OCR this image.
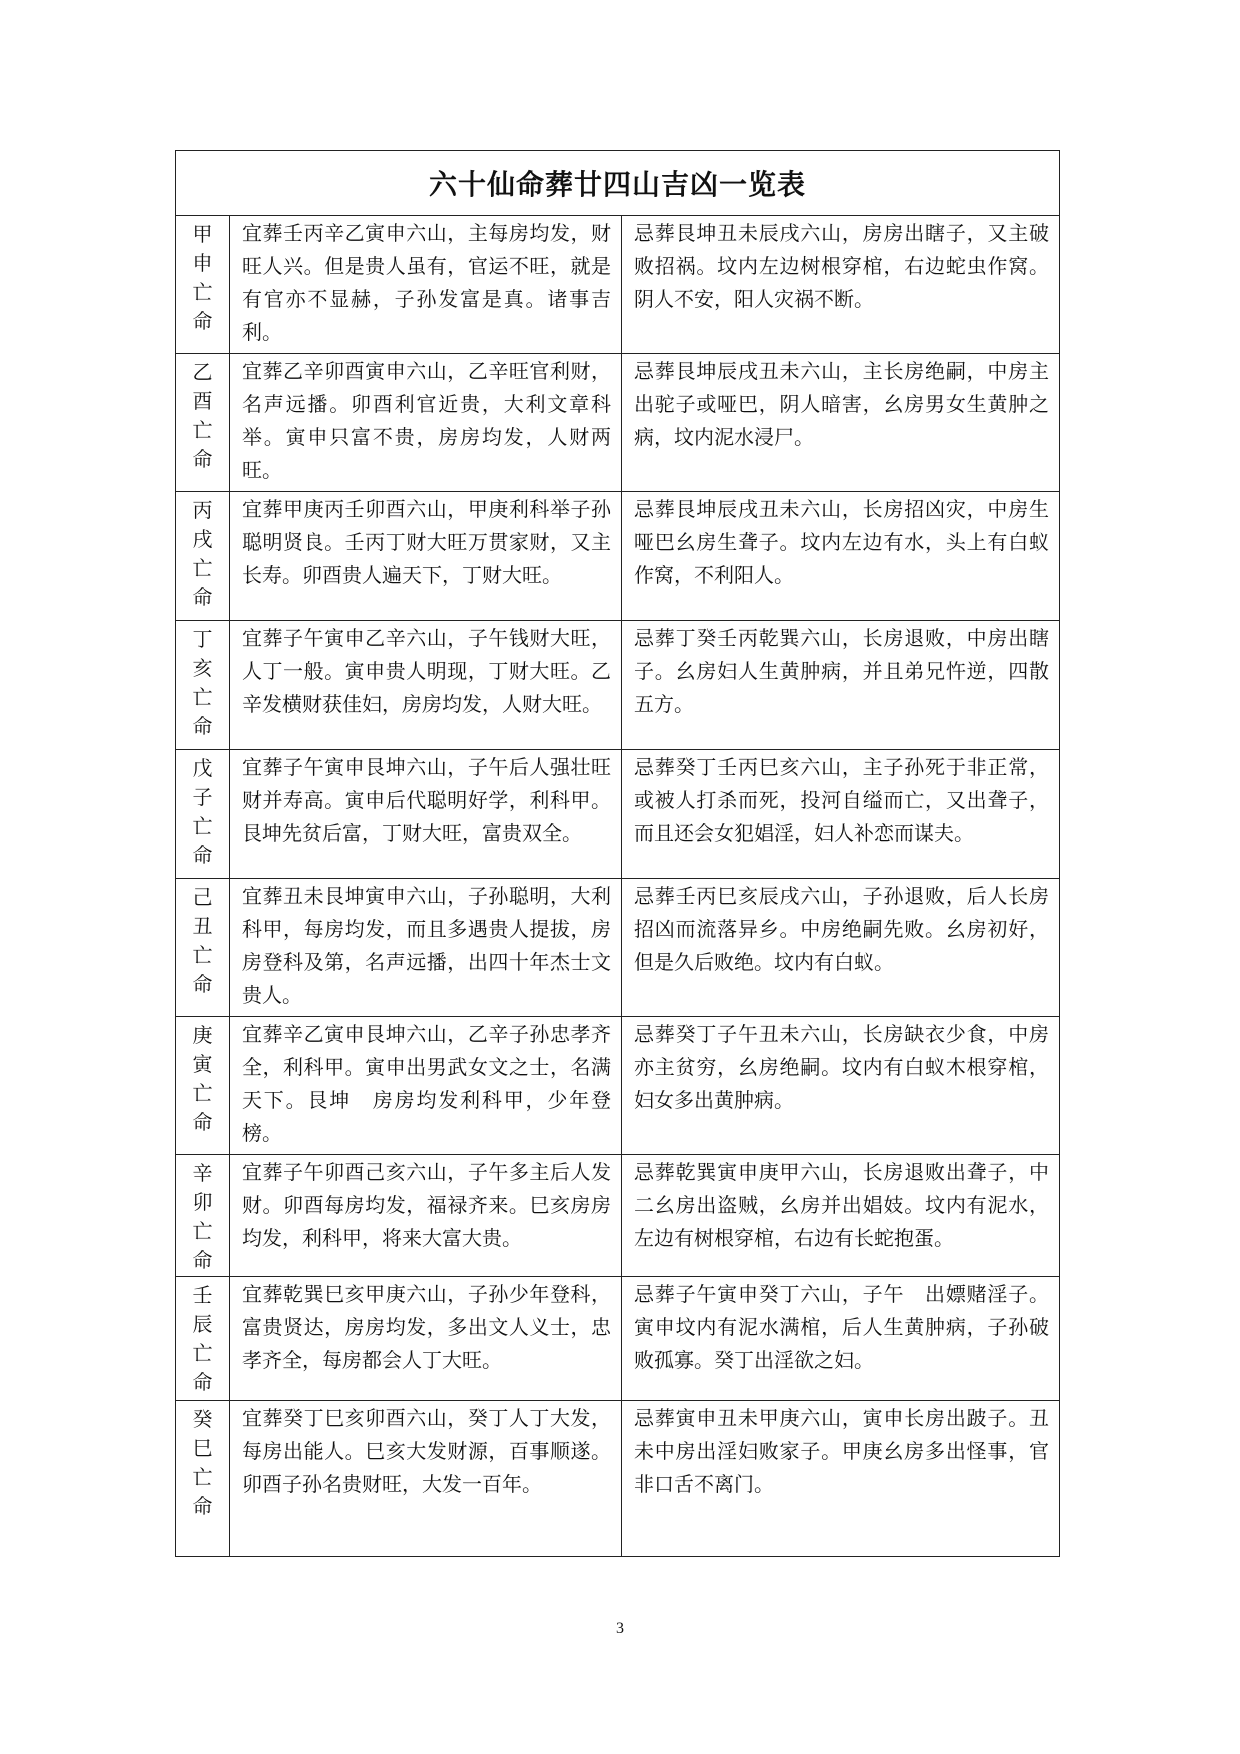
六十仙命葬廿四山吉凶一览表		
甲申亡命	宜葬壬丙辛乙寅申六山，主每房均发，财旺人兴。但是贵人虽有，官运不旺，就是有官亦不显赫，子孙发富是真。诸事吉利。	忌葬艮坤丑未辰戌六山，房房出瞎子，又主破败招祸。坟内左边树根穿棺，右边蛇虫作窝。阴人不安，阳人灾祸不断。
乙酉亡命	宜葬乙辛卯酉寅申六山，乙辛旺官利财，名声远播。卯酉利官近贵，大利文章科举。寅申只富不贵，房房均发，人财两旺。	忌葬艮坤辰戌丑未六山，主长房绝嗣，中房主出驼子或哑巴，阴人暗害，幺房男女生黄肿之病，坟内泥水浸尸。
丙戌亡命	宜葬甲庚丙壬卯酉六山，甲庚利科举子孙聪明贤良。壬丙丁财大旺万贯家财，又主长寿。卯酉贵人遍天下，丁财大旺。	忌葬艮坤辰戌丑未六山，长房招凶灾，中房生哑巴幺房生聋子。坟内左边有水，头上有白蚁作窝，不利阳人。
丁亥亡命	宜葬子午寅申乙辛六山，子午钱财大旺，人丁一般。寅申贵人明现，丁财大旺。乙辛发横财获佳妇，房房均发，人财大旺。	忌葬丁癸壬丙乾巽六山，长房退败，中房出瞎子。幺房妇人生黄肿病，并且弟兄忤逆，四散五方。
戊子亡命	宜葬子午寅申艮坤六山，子午后人强壮旺财并寿高。寅申后代聪明好学，利科甲。艮坤先贫后富，丁财大旺，富贵双全。	忌葬癸丁壬丙巳亥六山，主子孙死于非正常，或被人打杀而死，投河自缢而亡，又出聋子，而且还会女犯娼淫，妇人补恋而谋夫。
己丑亡命	宜葬丑未艮坤寅申六山，子孙聪明，大利科甲，每房均发，而且多遇贵人提拔，房房登科及第，名声远播，出四十年杰士文贵人。	忌葬壬丙巳亥辰戌六山，子孙退败，后人长房招凶而流落异乡。中房绝嗣先败。幺房初好，但是久后败绝。坟内有白蚁。
庚寅亡命	宜葬辛乙寅申艮坤六山，乙辛子孙忠孝齐全，利科甲。寅申出男武女文之士，名满天下。艮坤　房房均发利科甲，少年登榜。	忌葬癸丁子午丑未六山，长房缺衣少食，中房亦主贫穷，幺房绝嗣。坟内有白蚁木根穿棺，妇女多出黄肿病。
辛卯亡命	宜葬子午卯酉己亥六山，子午多主后人发财。卯酉每房均发，福禄齐来。巳亥房房均发，利科甲，将来大富大贵。	忌葬乾巽寅申庚甲六山，长房退败出聋子，中二幺房出盗贼，幺房并出娼妓。坟内有泥水，左边有树根穿棺，右边有长蛇抱蛋。
壬辰亡命	宜葬乾巽巳亥甲庚六山，子孙少年登科，富贵贤达，房房均发，多出文人义士，忠孝齐全，每房都会人丁大旺。	忌葬子午寅申癸丁六山，子午　出嫖赌淫子。寅申坟内有泥水满棺，后人生黄肿病，子孙破败孤寡。癸丁出淫欲之妇。
癸巳亡命	宜葬癸丁巳亥卯酉六山，癸丁人丁大发，每房出能人。巳亥大发财源，百事顺遂。卯酉子孙名贵财旺，大发一百年。	忌葬寅申丑未甲庚六山，寅申长房出跛子。丑未中房出淫妇败家子。甲庚幺房多出怪事，官非口舌不离门。
3
